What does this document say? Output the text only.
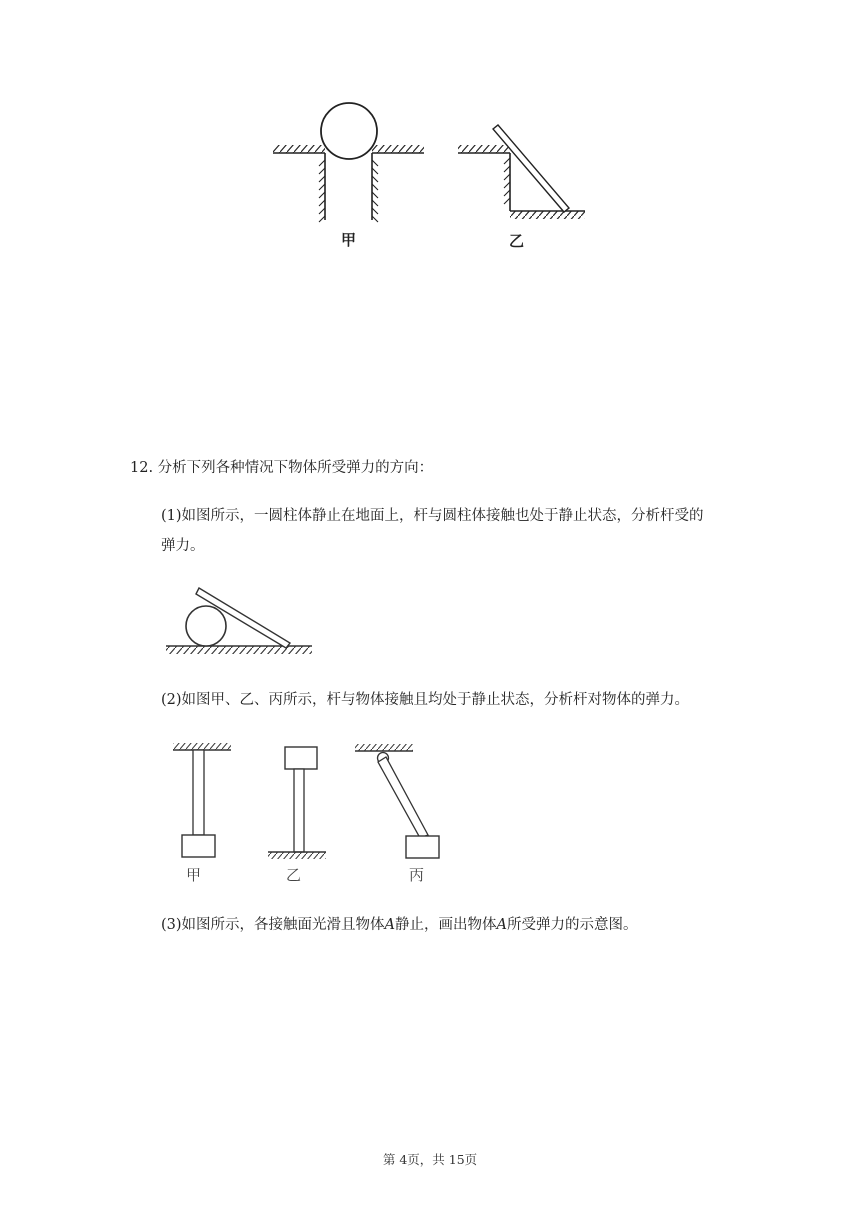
甲	乙
12. 分析下列各种情况下物体所受弹力的方向：
(1)如图所示，一圆柱体静止在地面上，杆与圆柱体接触也处于静止状态，分析杆受的
弹力。
(2)如图甲、乙、丙所示，杆与物体接触且均处于静止状态，分析杆对物体的弹力。
甲	乙	丙
(3)如图所示，各接触面光滑且物体A静止，画出物体A所受弹力的示意图。
第 4页，共 15页
